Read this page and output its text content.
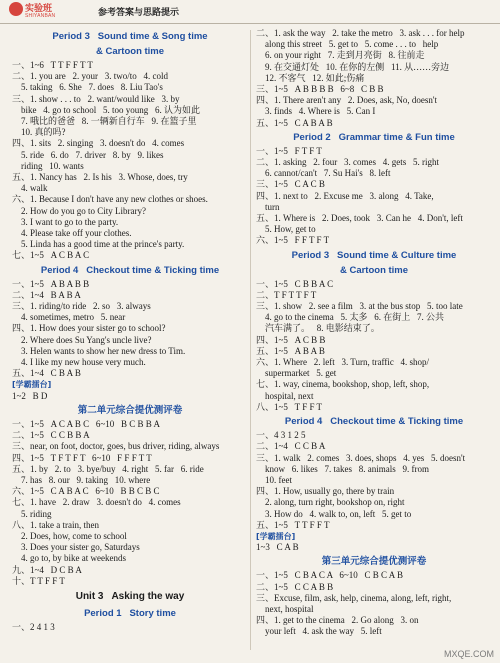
实验班
SHIYANBAN	参考答案与思路提示
Period 3   Sound time & Song time
& Cartoon time
一、1~6   T T F F T T
二、1. you are   2. your   3. two/to   4. cold
5. taking   6. She   7. does   8. Liu Tao's
三、1. show . . . to   2. want/would like   3. by
bike   4. go to school   5. too young   6. 认为如此
7. 哦比的爸爸   8. 一辆新自行车   9. 在篮子里
10. 真的吗?
四、1. sits   2. singing   3. doesn't do   4. comes
5. ride   6. do   7. driver   8. by   9. likes
riding   10. wants
五、1. Nancy has   2. Is his   3. Whose, does, try
4. walk
六、1. Because I don't have any new clothes or shoes.
2. How do you go to City Library?
3. I want to go to the party.
4. Please take off your clothes.
5. Linda has a good time at the prince's party.
七、1~5   A C B A C
Period 4   Checkout time & Ticking time
一、1~5   A B A B B
二、1~4   B A B A
三、1. riding/to ride   2. so   3. always
4. sometimes, metro   5. near
四、1. How does your sister go to school?
2. Where does Su Yang's uncle live?
3. Helen wants to show her new dress to Tim.
4. I like my new house very much.
五、1~4   C B A B
[学霸擂台]
1~2   B D
第二单元综合提优测评卷
一、1~5   A C A B C   6~10   B C B B A
二、1~5   C C B B A
三、near, on foot, doctor, goes, bus driver, riding, always
四、1~5   T F T F T   6~10   F F F T T
五、1. by   2. to   3. bye/buy   4. right   5. far   6. ride
7. has   8. our   9. taking   10. where
六、1~5   C A B A C   6~10   B B C B C
七、1. have   2. draw   3. doesn't do   4. comes
5. riding
八、1. take a train, then
2. Does, how, come to school
3. Does your sister go, Saturdays
4. go to, by bike at weekends
九、1~4   D C B A
十、T T F F T
Unit 3   Asking the way
Period 1   Story time
一、2 4 1 3
二、1. ask the way   2. take the metro   3. ask . . . for help
along this street   5. get to   5. come . . . to   help
6. on your right   7. 走到月亮街   8. 往前走
9. 在交通灯处   10. 在你的左侧   11. 从……旁边
12. 不客气   12. 如此;伤痛
三、1~5   A B B B B   6~8   C B B
四、1. There aren't any   2. Does, ask, No, doesn't
3. finds   4. Where is   5. Can I
五、1~5   C A B A B
Period 2   Grammar time & Fun time
一、1~5   F T F T
二、1. asking   2. four   3. comes   4. gets   5. right
6. cannot/can't   7. Su Hai's   8. left
三、1~5   C A C B
四、1. next to   2. Excuse me   3. along   4. Take,
turn
五、1. Where is   2. Does, took   3. Can he   4. Don't, left
5. How, get to
六、1~5   F F T F T
Period 3   Sound time & Culture time
& Cartoon time
一、1~5   C B B A C
二、T F T T F T
三、1. show   2. see a film   3. at the bus stop   5. too late
4. go to the cinema   5. 太多   6. 在街上   7. 公共
汽车满了。   8. 电影结束了。
四、1~5   A C B B
五、1~5   A B A B
六、1. Where   2. left   3. Turn, traffic   4. shop/
supermarket   5. get
七、1. way, cinema, bookshop, shop, left, shop,
hospital, next
八、1~5   T F F T
Period 4   Checkout time & Ticking time
一、4 3 1 2 5
二、1~4   C C B A
三、1. walk   2. comes   3. does, shops   4. yes   5. doesn't
know   6. likes   7. takes   8. animals   9. from
10. feet
四、1. How, usually go, there by train
2. along, turn right, bookshop on, right
3. How do   4. walk to, on, left   5. get to
五、1~5   T T F F T
[学霸擂台]
1~3   C A B
第三单元综合提优测评卷
一、1~5   C B A C A   6~10   C B C A B
二、1~5   C C A B B
三、Excuse, film, ask, help, cinema, along, left, right,
next, hospital
四、1. get to the cinema   2. Go along   3. on
your left   4. ask the way   5. left
MXQE.COM
